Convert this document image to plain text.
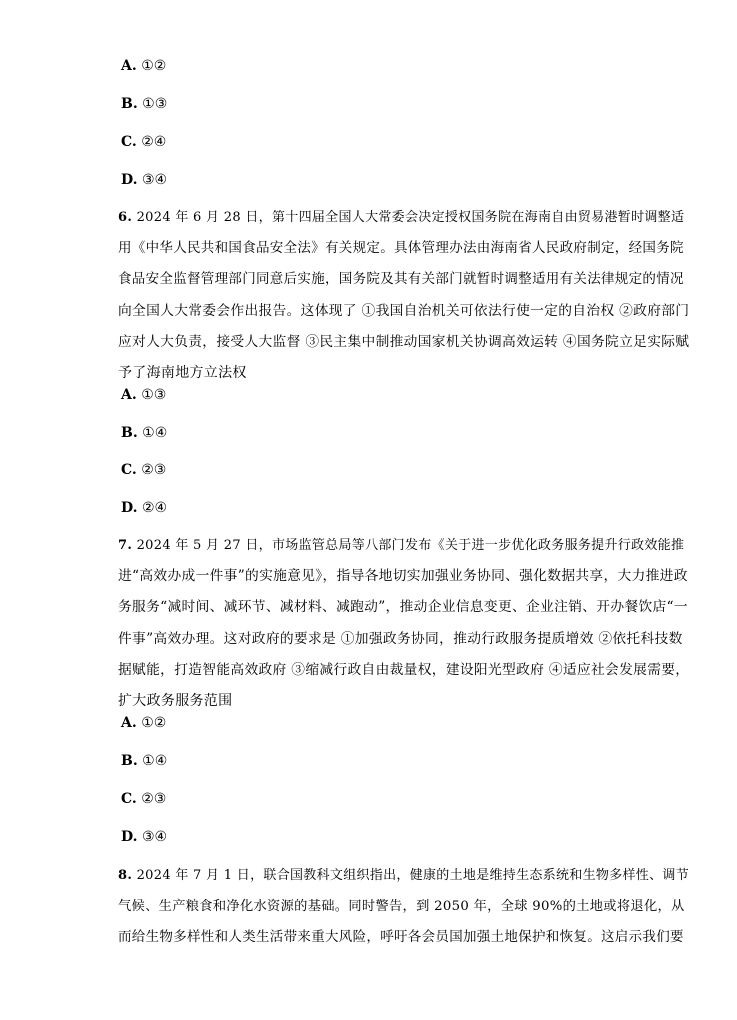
A. ①②
B. ①③
C. ②④
D. ③④
6. 2024 年 6 月 28 日，第十四届全国人大常委会决定授权国务院在海南自由贸易港暂时调整适
用《中华人民共和国食品安全法》有关规定。具体管理办法由海南省人民政府制定，经国务院
食品安全监督管理部门同意后实施，国务院及其有关部门就暂时调整适用有关法律规定的情况
向全国人大常委会作出报告。这体现了 ①我国自治机关可依法行使一定的自治权 ②政府部门
应对人大负责，接受人大监督 ③民主集中制推动国家机关协调高效运转 ④国务院立足实际赋
予了海南地方立法权
A. ①③
B. ①④
C. ②③
D. ②④
7. 2024 年 5 月 27 日，市场监管总局等八部门发布《关于进一步优化政务服务提升行政效能推
进“高效办成一件事”的实施意见》，指导各地切实加强业务协同、强化数据共享，大力推进政
务服务“减时间、减环节、减材料、减跑动”，推动企业信息变更、企业注销、开办餐饮店“一
件事”高效办理。这对政府的要求是 ①加强政务协同，推动行政服务提质增效 ②依托科技数
据赋能，打造智能高效政府 ③缩减行政自由裁量权，建设阳光型政府 ④适应社会发展需要，
扩大政务服务范围
A. ①②
B. ①④
C. ②③
D. ③④
8. 2024 年 7 月 1 日，联合国教科文组织指出，健康的土地是维持生态系统和生物多样性、调节
气候、生产粮食和净化水资源的基础。同时警告，到 2050 年，全球 90%的土地或将退化，从
而给生物多样性和人类生活带来重大风险，呼吁各会员国加强土地保护和恢复。这启示我们要
